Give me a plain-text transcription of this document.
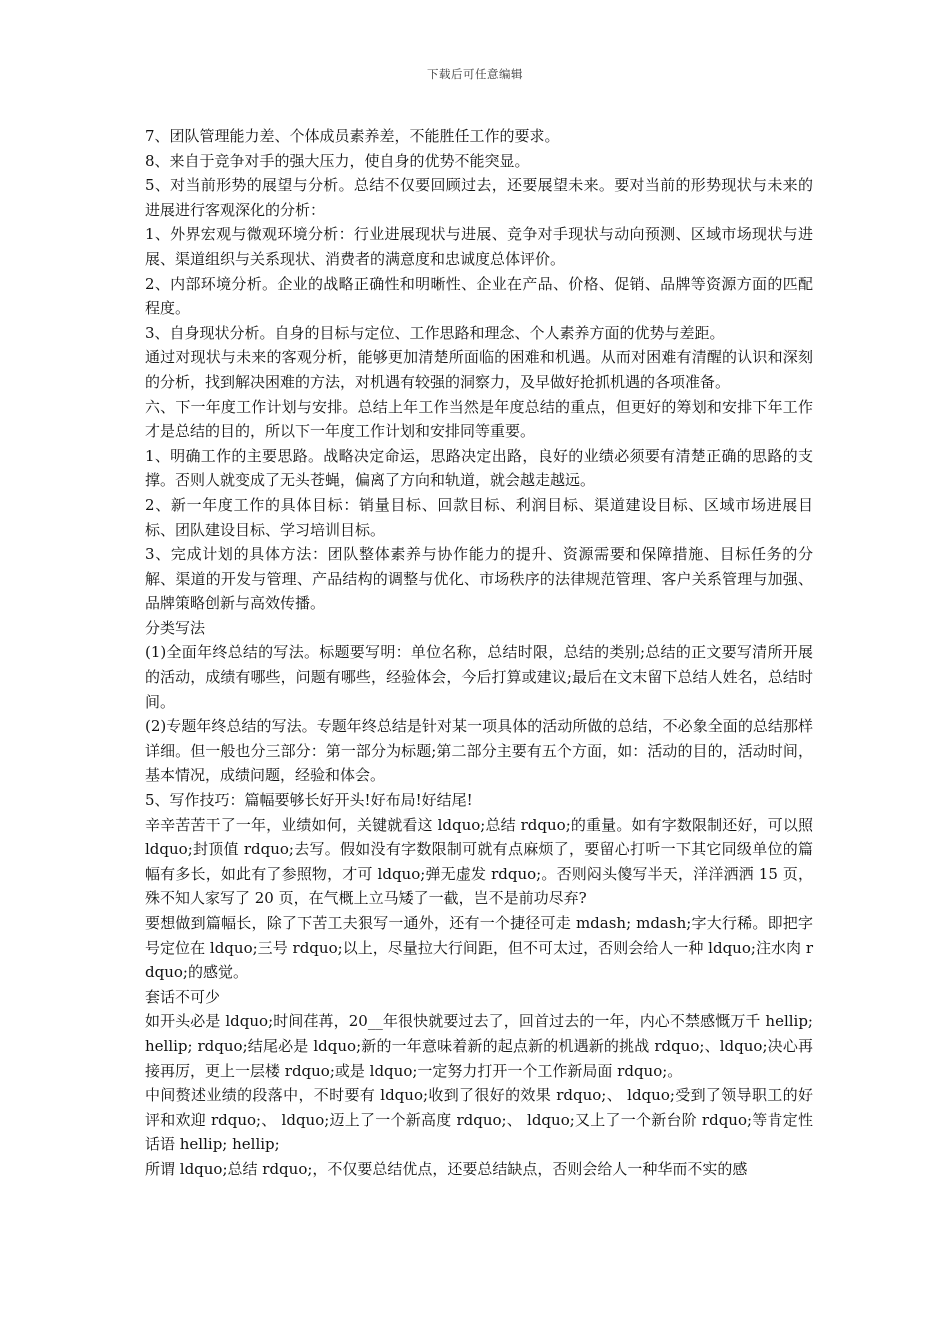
下载后可任意编辑

7、团队管理能力差、个体成员素养差，不能胜任工作的要求。

8、来自于竞争对手的强大压力，使自身的优势不能突显。

5、对当前形势的展望与分析。总结不仅要回顾过去，还要展望未来。要对当前的形势现状与未来的进展进行客观深化的分析：

1、外界宏观与微观环境分析：行业进展现状与进展、竞争对手现状与动向预测、区域市场现状与进展、渠道组织与关系现状、消费者的满意度和忠诚度总体评价。

2、内部环境分析。企业的战略正确性和明晰性、企业在产品、价格、促销、品牌等资源方面的匹配程度。

3、自身现状分析。自身的目标与定位、工作思路和理念、个人素养方面的优势与差距。

通过对现状与未来的客观分析，能够更加清楚所面临的困难和机遇。从而对困难有清醒的认识和深刻的分析，找到解决困难的方法，对机遇有较强的洞察力，及早做好抢抓机遇的各项准备。

六、下一年度工作计划与安排。总结上年工作当然是年度总结的重点，但更好的筹划和安排下年工作才是总结的目的，所以下一年度工作计划和安排同等重要。

1、明确工作的主要思路。战略决定命运，思路决定出路，良好的业绩必须要有清楚正确的思路的支撑。否则人就变成了无头苍蝇，偏离了方向和轨道，就会越走越远。

2、新一年度工作的具体目标：销量目标、回款目标、利润目标、渠道建设目标、区域市场进展目标、团队建设目标、学习培训目标。

3、完成计划的具体方法：团队整体素养与协作能力的提升、资源需要和保障措施、目标任务的分解、渠道的开发与管理、产品结构的调整与优化、市场秩序的法律规范管理、客户关系管理与加强、品牌策略创新与高效传播。

分类写法

(1)全面年终总结的写法。标题要写明：单位名称，总结时限，总结的类别;总结的正文要写清所开展的活动，成绩有哪些，问题有哪些，经验体会，今后打算或建议;最后在文末留下总结人姓名，总结时间。

(2)专题年终总结的写法。专题年终总结是针对某一项具体的活动所做的总结，不必象全面的总结那样详细。但一般也分三部分：第一部分为标题;第二部分主要有五个方面，如：活动的目的，活动时间，基本情况，成绩问题，经验和体会。

5、写作技巧：篇幅要够长好开头!好布局!好结尾!

辛辛苦苦干了一年，业绩如何，关键就看这 ldquo;总结 rdquo;的重量。如有字数限制还好，可以照 ldquo;封顶值 rdquo;去写。假如没有字数限制可就有点麻烦了，要留心打听一下其它同级单位的篇幅有多长，如此有了参照物，才可 ldquo;弹无虚发 rdquo;。否则闷头傻写半天，洋洋洒洒 15 页，殊不知人家写了 20 页，在气概上立马矮了一截，岂不是前功尽弃?

要想做到篇幅长，除了下苦工夫狠写一通外，还有一个捷径可走 mdash; mdash;字大行稀。即把字号定位在 ldquo;三号 rdquo;以上，尽量拉大行间距，但不可太过，否则会给人一种 ldquo;注水肉 rdquo;的感觉。

套话不可少

如开头必是 ldquo;时间荏苒，20__年很快就要过去了，回首过去的一年，内心不禁感慨万千 hellip; hellip; rdquo;结尾必是 ldquo;新的一年意味着新的起点新的机遇新的挑战 rdquo;、ldquo;决心再接再厉，更上一层楼 rdquo;或是 ldquo;一定努力打开一个工作新局面 rdquo;。

中间赘述业绩的段落中，不时要有 ldquo;收到了很好的效果 rdquo;、 ldquo;受到了领导职工的好评和欢迎 rdquo;、 ldquo;迈上了一个新高度 rdquo;、 ldquo;又上了一个新台阶 rdquo;等肯定性话语 hellip; hellip;

所谓 ldquo;总结 rdquo;，不仅要总结优点，还要总结缺点，否则会给人一种华而不实的感
